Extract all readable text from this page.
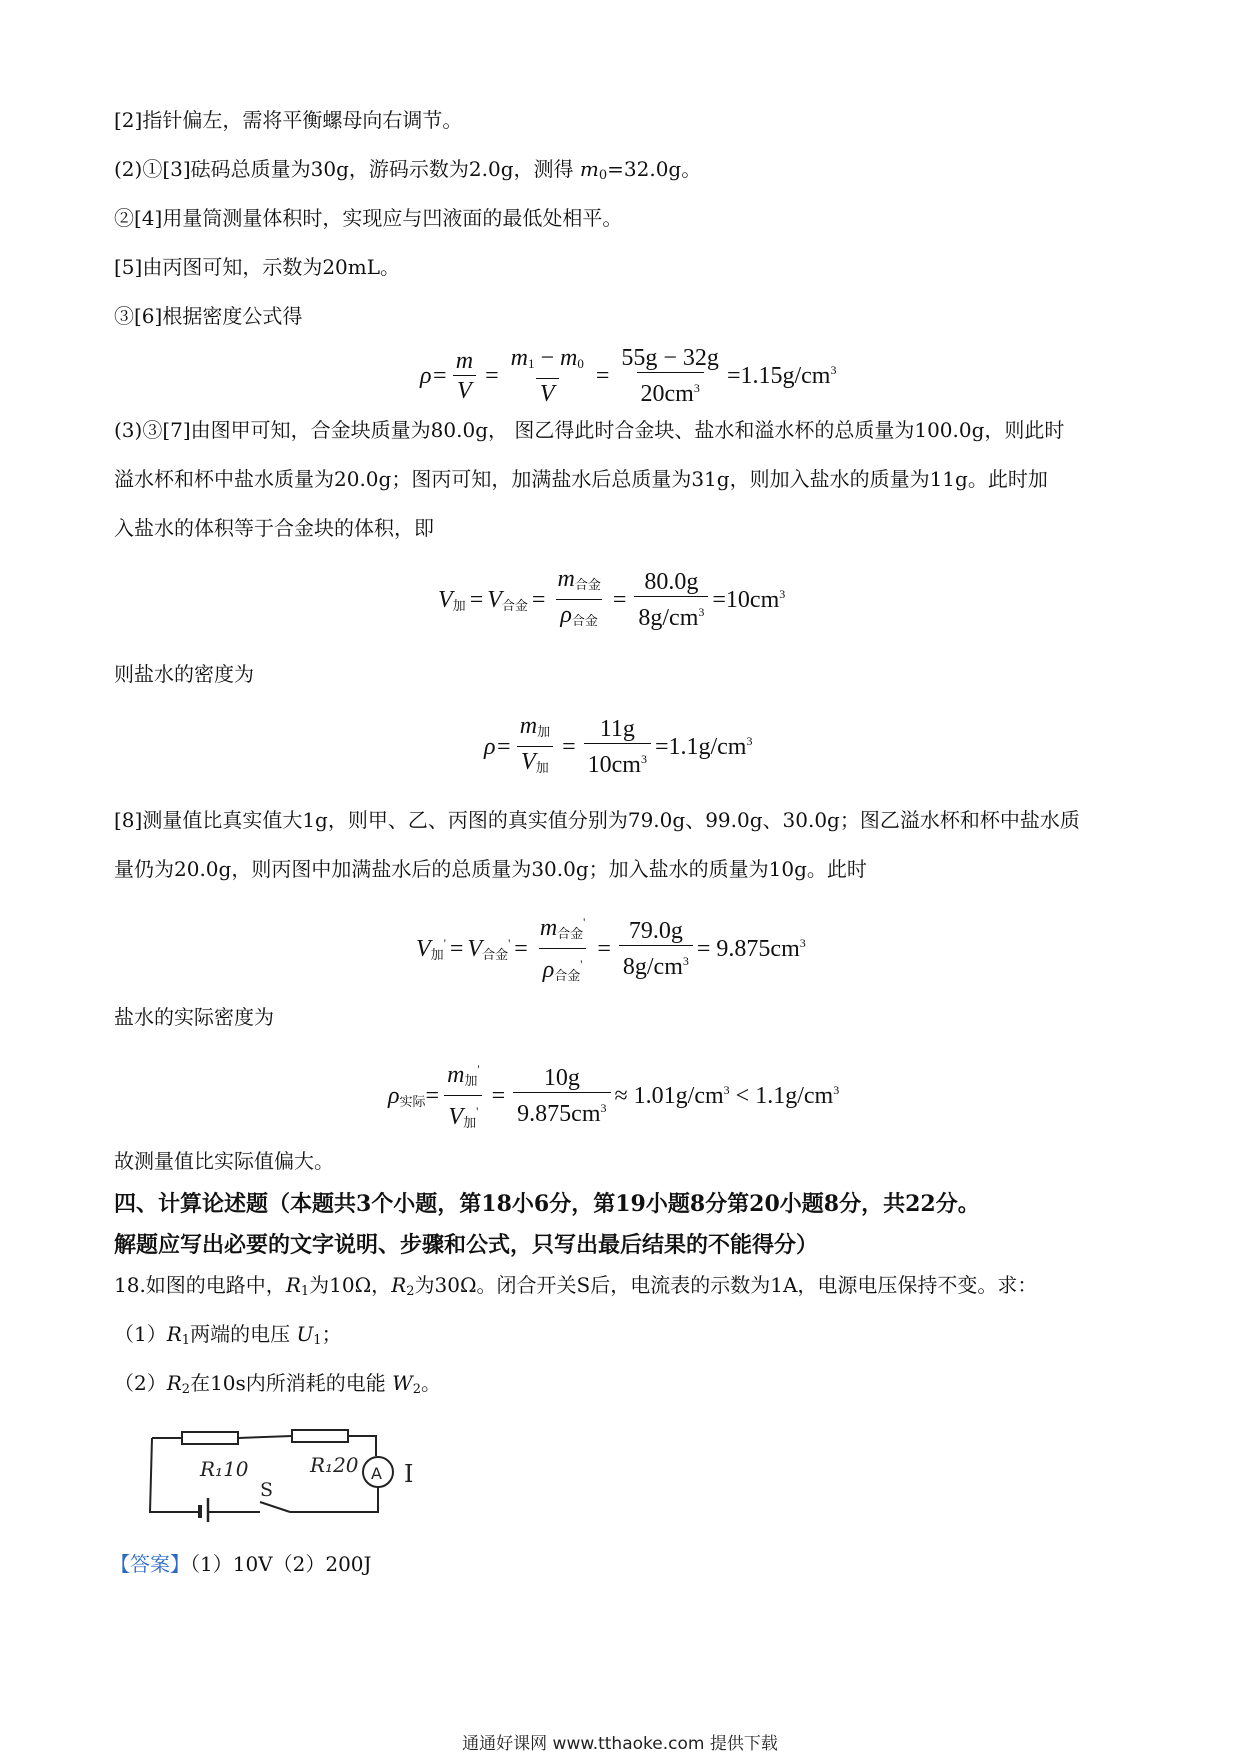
[2]指针偏左，需将平衡螺母向右调节。
(2)①[3]砝码总质量为30g，游码示数为2.0g，测得 $m_0=32.0g$。
②[4]用量筒测量体积时，实现应与凹液面的最低处相平。
[5]由丙图可知，示数为20mL。
③[6]根据密度公式得
$\rho= \frac{m}{V} = \frac{m_1 - m_0}{V} = \frac{55g - 32g}{20cm^3} =1.15g/cm^3$
(3)③[7]由图甲可知，合金块质量为80.0g， 图乙得此时合金块、盐水和溢水杯的总质量为100.0g，则此时
溢水杯和杯中盐水质量为20.0g；图丙可知，加满盐水后总质量为31g，则加入盐水的质量为11g。此时加
入盐水的体积等于合金块的体积，即
$V_加 = V_{合金} = \frac{m_{合金}}{\rho_{合金}} = \frac{80.0g}{8g/cm^3} =10cm^3$
则盐水的密度为
$\rho= \frac{m_加}{V_加} = \frac{11g}{10cm^3} =1.1g/cm^3$
[8]测量值比真实值大1g，则甲、乙、丙图的真实值分别为79.0g、99.0g、30.0g；图乙溢水杯和杯中盐水质
量仍为20.0g，则丙图中加满盐水后的总质量为30.0g；加入盐水的质量为10g。此时
$V_加' = V_{合金}' = \frac{m_{合金}'}{\rho_{合金}'} = \frac{79.0g}{8g/cm^3} = 9.875cm^3$
盐水的实际密度为
$\rho_{实际}= \frac{m_加'}{V_加'} = \frac{10g}{9.875cm^3} \approx 1.01g/cm^3 < 1.1g/cm^3$
故测量值比实际值偏大。
四、计算论述题（本题共3个小题，第18小6分，第19小题8分第20小题8分，共22分。
解题应写出必要的文字说明、步骤和公式，只写出最后结果的不能得分）
18.如图的电路中，$R_1$为10Ω，$R_2$为30Ω。闭合开关S后，电流表的示数为1A，电源电压保持不变。求：
$(1)R_1$两端的电压 $U_1$；
$(2)R_2$在10s内所消耗的电能 $W_2$。
R₁10	R₁20 A
S
I
【答案】（1）10V（2）200J
通通好课网 www.tthaoke.com 提供下载
